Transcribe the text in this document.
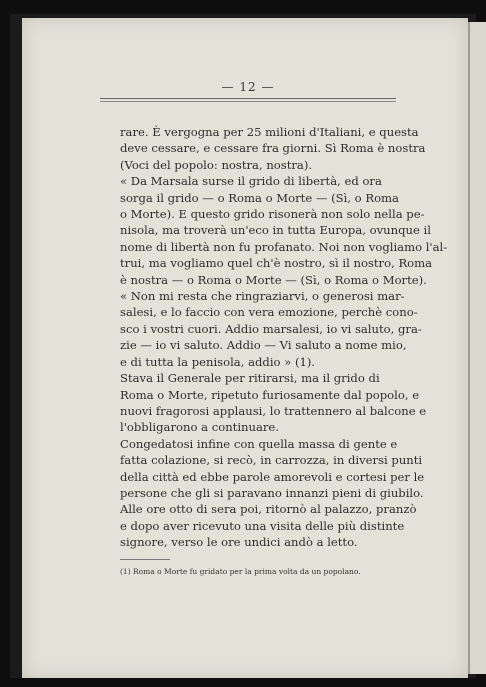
— 12 —
rare. È vergogna per 25 milioni d'Italiani, e questa
deve cessare, e cessare fra giorni. Sì Roma è nostra
(Voci del popolo: nostra, nostra).
« Da Marsala surse il grido di libertà, ed ora
sorga il grido — o Roma o Morte — (Sì, o Roma
o Morte). E questo grido risonerà non solo nella pe-
nisola, ma troverà un'eco in tutta Europa, ovunque il
nome di libertà non fu profanato. Noi non vogliamo l'al-
trui, ma vogliamo quel ch'è nostro, sì il nostro, Roma
è nostra — o Roma o Morte — (Sì, o Roma o Morte).
« Non mi resta che ringraziarvi, o generosi mar-
salesi, e lo faccio con vera emozione, perchè cono-
sco i vostri cuori. Addio marsalesi, io vi saluto, gra-
zie — io vi saluto. Addio — Vi saluto a nome mio,
e di tutta la penisola, addio » (1).
Stava il Generale per ritirarsi, ma il grido di
Roma o Morte, ripetuto furiosamente dal popolo, e
nuovi fragorosi applausi, lo trattennero al balcone e
l'obbligarono a continuare.
Congedatosi infine con quella massa di gente e
fatta colazione, si recò, in carrozza, in diversi punti
della città ed ebbe parole amorevoli e cortesi per le
persone che gli si paravano innanzi pieni di giubilo.
Alle ore otto di sera poi, ritornò al palazzo, pranzò
e dopo aver ricevuto una visita delle più distinte
signore, verso le ore undici andò a letto.
(1) Roma o Morte fu gridato per la prima volta da un popolano.
